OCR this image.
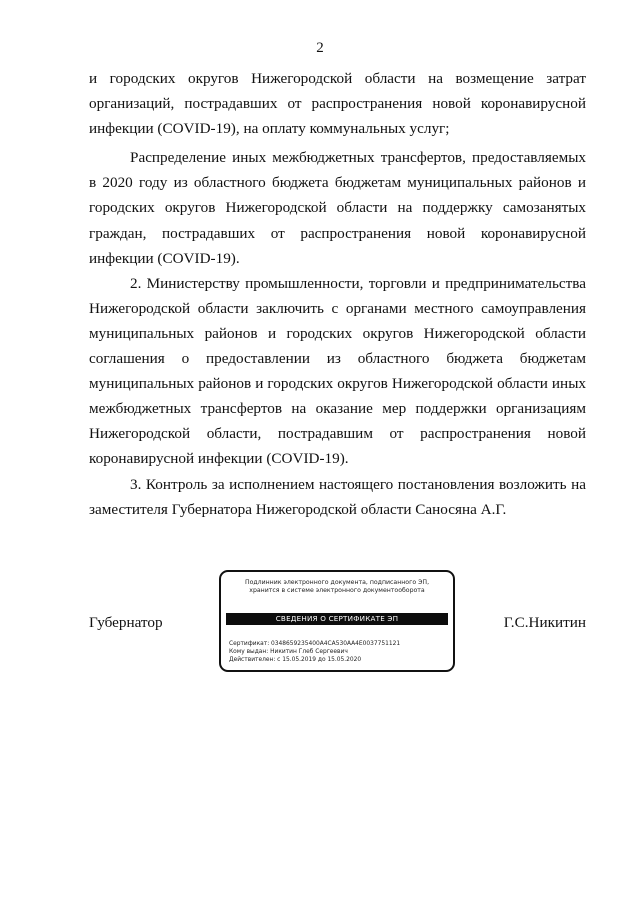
2

и городских округов Нижегородской области на возмещение затрат организаций, пострадавших от распространения новой коронавирусной инфекции (COVID-19), на оплату коммунальных услуг;

Распределение иных межбюджетных трансфертов, предоставляемых в 2020 году из областного бюджета бюджетам муниципальных районов и городских округов Нижегородской области на поддержку самозанятых граждан, пострадавших от распространения новой коронавирусной инфекции (COVID-19).

2. Министерству промышленности, торговли и предпринимательства Нижегородской области заключить с органами местного самоуправления муниципальных районов и городских округов Нижегородской области соглашения о предоставлении из областного бюджета бюджетам муниципальных районов и городских округов Нижегородской области иных межбюджетных трансфертов на оказание мер поддержки организациям Нижегородской области, пострадавшим от распространения новой коронавирусной инфекции (COVID-19).

3. Контроль за исполнением настоящего постановления возложить на заместителя Губернатора Нижегородской области Саносяна А.Г.

Губернатор
Подлинник электронного документа, подписанного ЭП,
хранится в системе электронного документооборота
СВЕДЕНИЯ О СЕРТИФИКАТЕ ЭП
Сертификат: 0348659235400A4CA530AA4E0037751121
Кому выдан: Никитин Глеб Сергеевич
Действителен: с 15.05.2019 до 15.05.2020
Г.С.Никитин
